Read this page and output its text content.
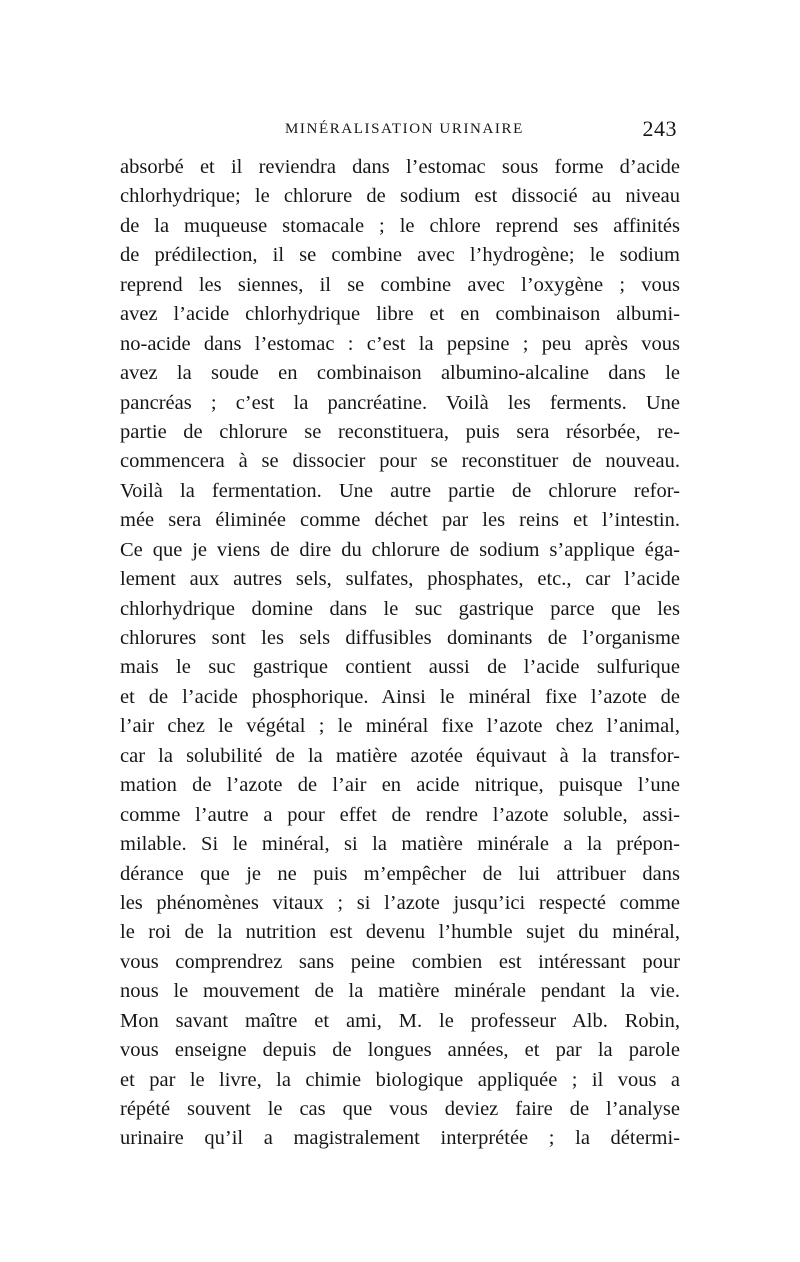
MINÉRALISATION URINAIRE	243
absorbé et il reviendra dans l’estomac sous forme d’acide
chlorhydrique; le chlorure de sodium est dissocié au niveau
de la muqueuse stomacale ; le chlore reprend ses affinités
de prédilection, il se combine avec l’hydrogène; le sodium
reprend les siennes, il se combine avec l’oxygène ; vous
avez l’acide chlorhydrique libre et en combinaison albumi-
no-acide dans l’estomac : c’est la pepsine ; peu après vous
avez la soude en combinaison albumino-alcaline dans le
pancréas ; c’est la pancréatine. Voilà les ferments. Une
partie de chlorure se reconstituera, puis sera résorbée, re-
commencera à se dissocier pour se reconstituer de nouveau.
Voilà la fermentation. Une autre partie de chlorure refor-
mée sera éliminée comme déchet par les reins et l’intestin.
Ce que je viens de dire du chlorure de sodium s’applique éga-
lement aux autres sels, sulfates, phosphates, etc., car l’acide
chlorhydrique domine dans le suc gastrique parce que les
chlorures sont les sels diffusibles dominants de l’organisme
mais le suc gastrique contient aussi de l’acide sulfurique
et de l’acide phosphorique. Ainsi le minéral fixe l’azote de
l’air chez le végétal ; le minéral fixe l’azote chez l’animal,
car la solubilité de la matière azotée équivaut à la transfor-
mation de l’azote de l’air en acide nitrique, puisque l’une
comme l’autre a pour effet de rendre l’azote soluble, assi-
milable. Si le minéral, si la matière minérale a la prépon-
dérance que je ne puis m’empêcher de lui attribuer dans
les phénomènes vitaux ; si l’azote jusqu’ici respecté comme
le roi de la nutrition est devenu l’humble sujet du minéral,
vous comprendrez sans peine combien est intéressant pour
nous le mouvement de la matière minérale pendant la vie.
Mon savant maître et ami, M. le professeur Alb. Robin,
vous enseigne depuis de longues années, et par la parole
et par le livre, la chimie biologique appliquée ; il vous a
répété souvent le cas que vous deviez faire de l’analyse
urinaire qu’il a magistralement interprétée ; la détermi-
